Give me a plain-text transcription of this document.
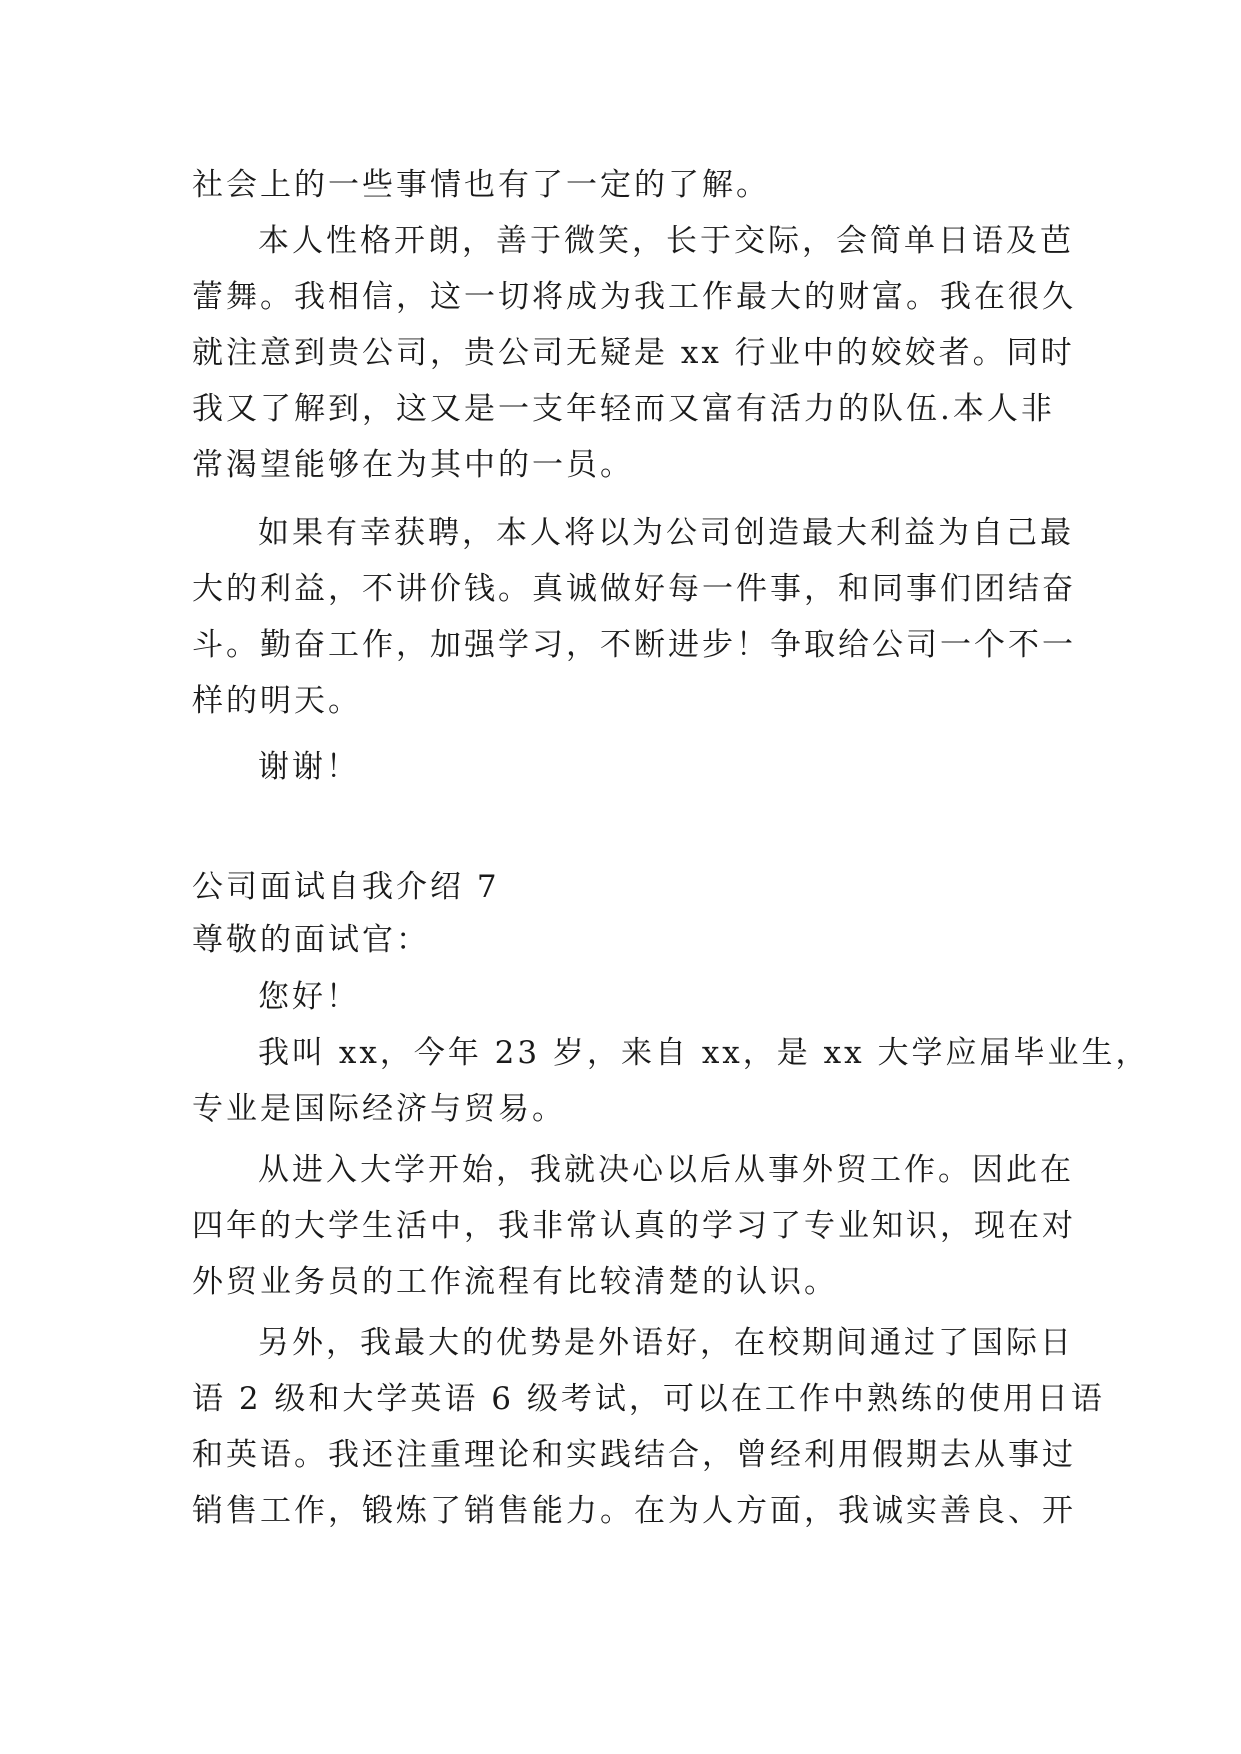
社会上的一些事情也有了一定的了解。
本人性格开朗，善于微笑，长于交际，会简单日语及芭
蕾舞。我相信，这一切将成为我工作最大的财富。我在很久
就注意到贵公司，贵公司无疑是 xx 行业中的姣姣者。同时
我又了解到，这又是一支年轻而又富有活力的队伍.本人非
常渴望能够在为其中的一员。
如果有幸获聘，本人将以为公司创造最大利益为自己最
大的利益，不讲价钱。真诚做好每一件事，和同事们团结奋
斗。勤奋工作，加强学习，不断进步！争取给公司一个不一
样的明天。
谢谢！
公司面试自我介绍 7
尊敬的面试官：
您好！
我叫 xx，今年 23 岁，来自 xx，是 xx 大学应届毕业生，
专业是国际经济与贸易。
从进入大学开始，我就决心以后从事外贸工作。因此在
四年的大学生活中，我非常认真的学习了专业知识，现在对
外贸业务员的工作流程有比较清楚的认识。
另外，我最大的优势是外语好，在校期间通过了国际日
语 2 级和大学英语 6 级考试，可以在工作中熟练的使用日语
和英语。我还注重理论和实践结合，曾经利用假期去从事过
销售工作，锻炼了销售能力。在为人方面，我诚实善良、开
